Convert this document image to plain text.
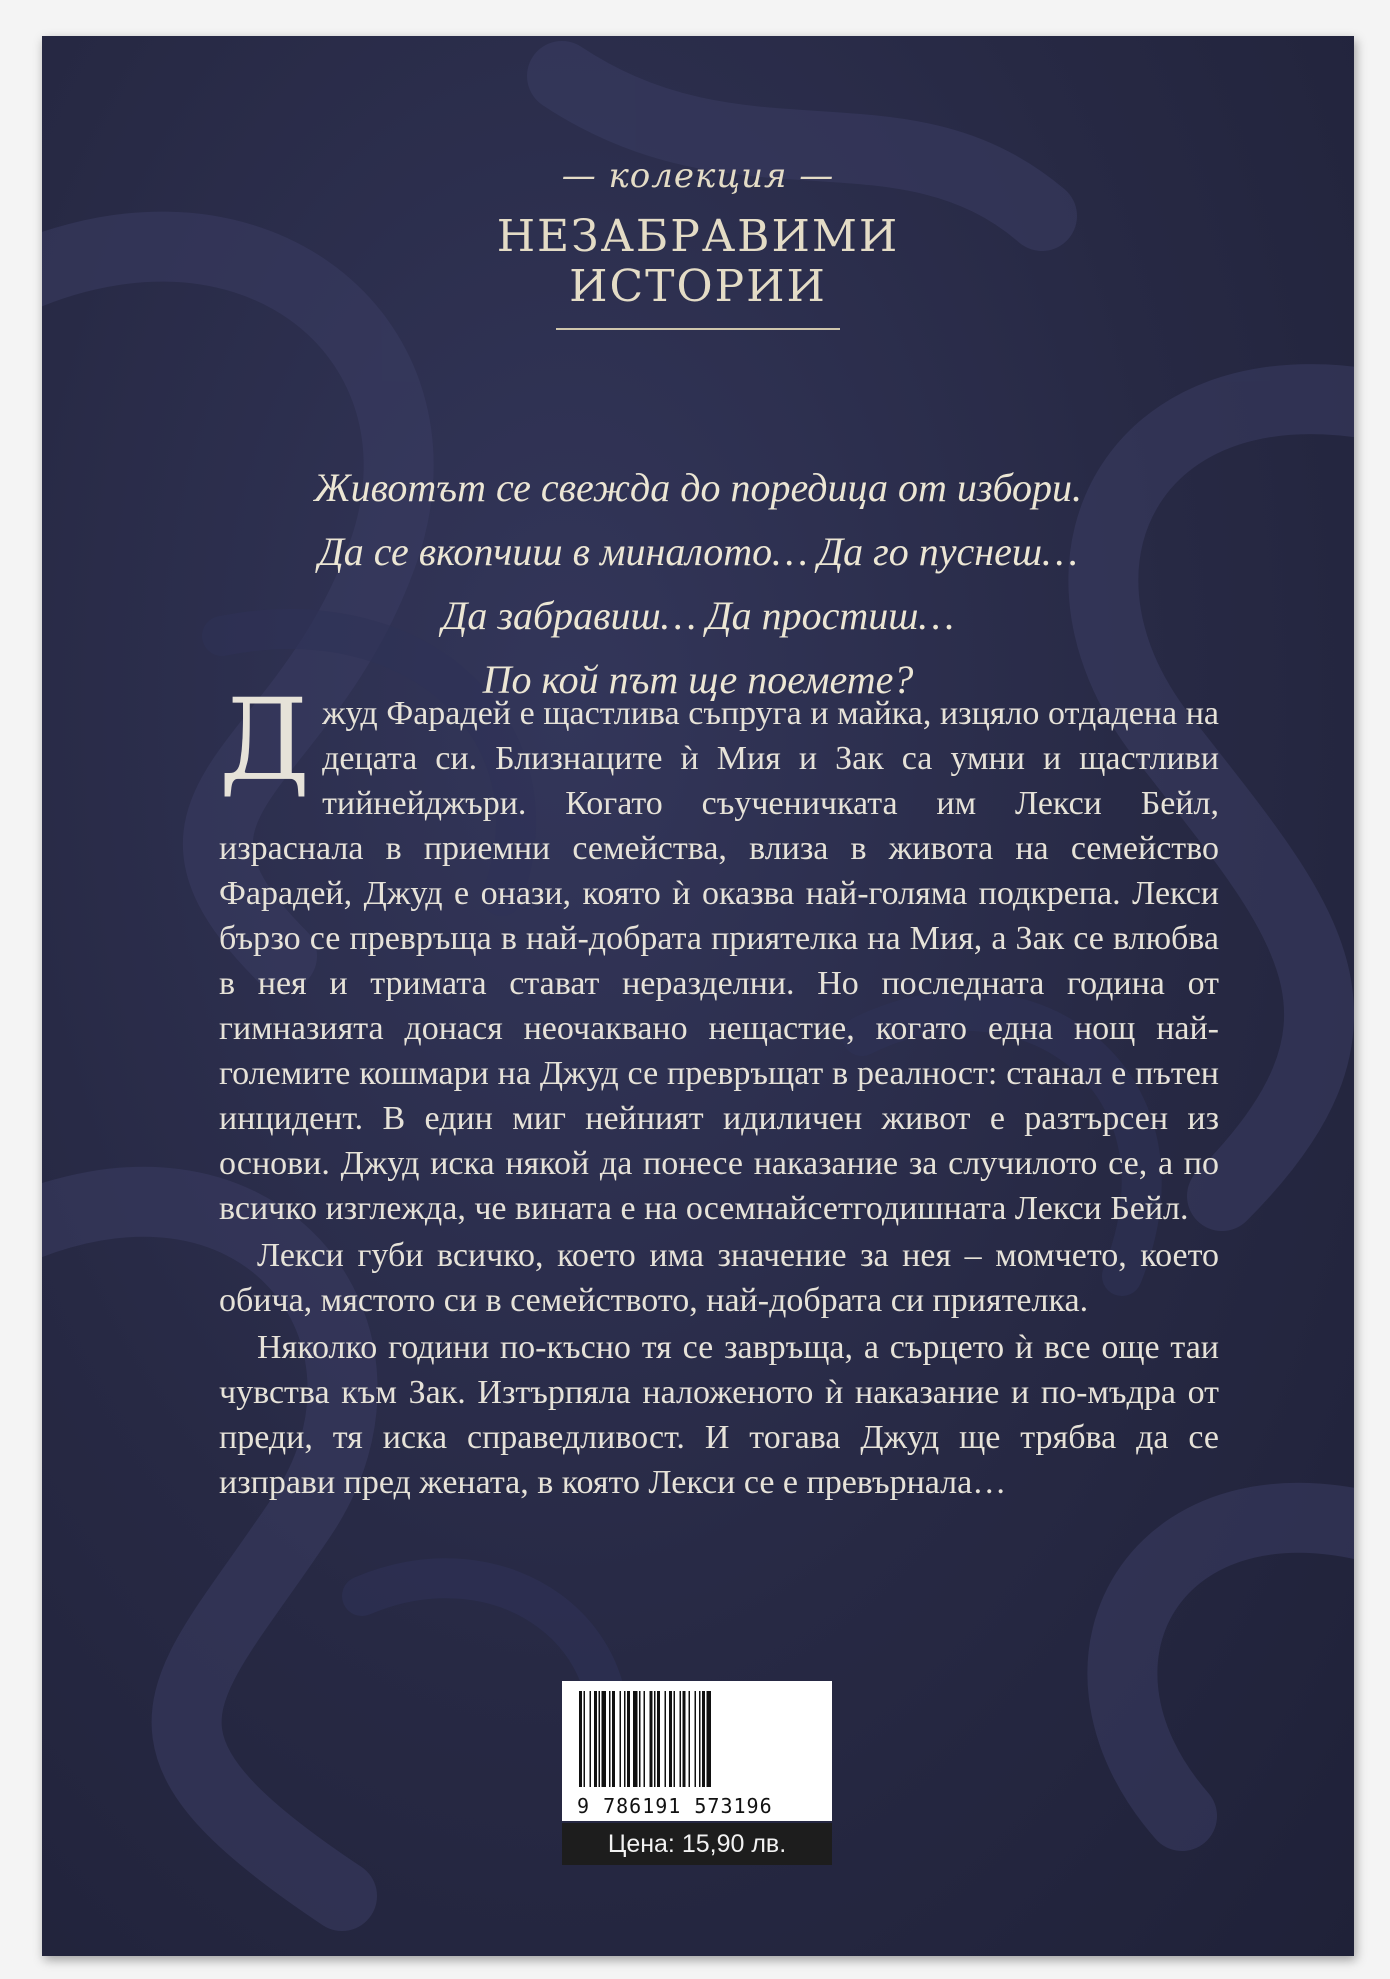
— колекция —
НЕЗАБРАВИМИ
ИСТОРИИ
Животът се свежда до поредица от избори.
Да се вкопчиш в миналото… Да го пуснеш…
Да забравиш… Да простиш…
По кой път ще поемете?

Джуд Фарадей е щастлива съпруга и майка, изцяло отдадена на децата си. Близнаците ѝ Мия и Зак са умни и щастливи тийнейджъри. Когато съученичката им Лекси Бейл, израснала в приемни семейства, влиза в живота на семейство Фарадей, Джуд е онази, която ѝ оказва най-голяма подкрепа. Лекси бързо се превръща в най-добрата приятелка на Мия, а Зак се влюбва в нея и тримата стават неразделни. Но последната година от гимназията донася неочаквано нещастие, когато една нощ най-големите кошмари на Джуд се превръщат в реалност: станал е пътен инцидент. В един миг нейният идиличен живот е разтърсен из основи. Джуд иска някой да понесе наказание за случилото се, а по всичко изглежда, че вината е на осемнайсетгодишната Лекси Бейл.

Лекси губи всичко, което има значение за нея – момчето, което обича, мястото си в семейството, най-добрата си приятелка.

Няколко години по-късно тя се завръща, а сърцето ѝ все още таи чувства към Зак. Изтърпяла наложеното ѝ наказание и по-мъдра от преди, тя иска справедливост. И тогава Джуд ще трябва да се изправи пред жената, в която Лекси се е превърнала…

9 786191 573196
Цена: 15,90 лв.
